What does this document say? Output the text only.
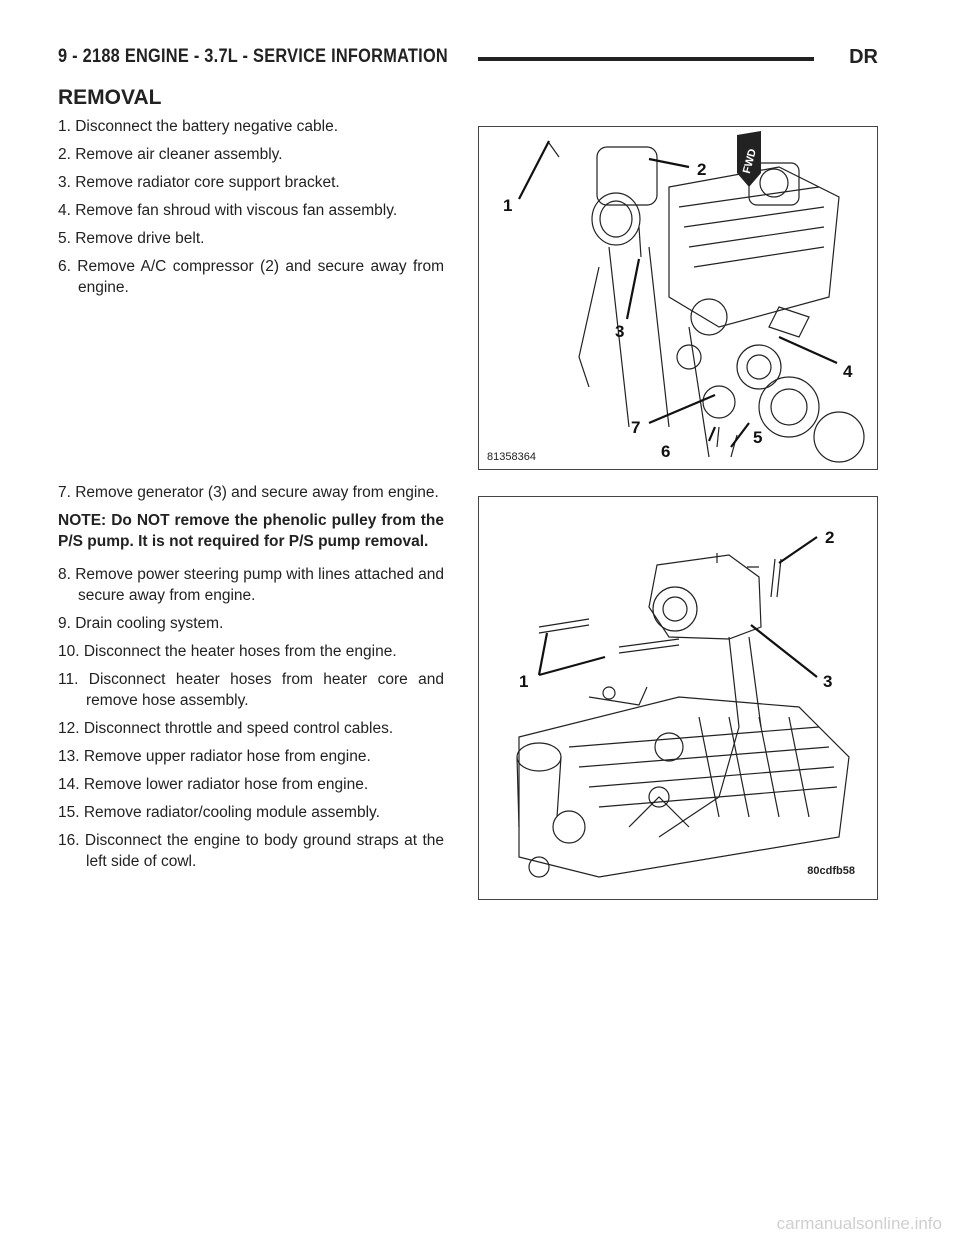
9 - 2188 ENGINE - 3.7L - SERVICE INFORMATION	DR
REMOVAL

1. Disconnect the battery negative cable.

2. Remove air cleaner assembly.

3. Remove radiator core support bracket.

4. Remove fan shroud with viscous fan assembly.

5. Remove drive belt.

6. Remove A/C compressor (2) and secure away from engine.

7. Remove generator (3) and secure away from engine.

NOTE: Do NOT remove the phenolic pulley from the P/S pump. It is not required for P/S pump removal.

8. Remove power steering pump with lines attached and secure away from engine.

9. Drain cooling system.

10. Disconnect the heater hoses from the engine.

11. Disconnect heater hoses from heater core and remove hose assembly.

12. Disconnect throttle and speed control cables.

13. Remove upper radiator hose from engine.

14. Remove lower radiator hose from engine.

15. Remove radiator/cooling module assembly.

16. Disconnect the engine to body ground straps at the left side of cowl.

FWD
1
2
3
4
5
6
7
81358364
1
2
3
80cdfb58
carmanualsonline.info
